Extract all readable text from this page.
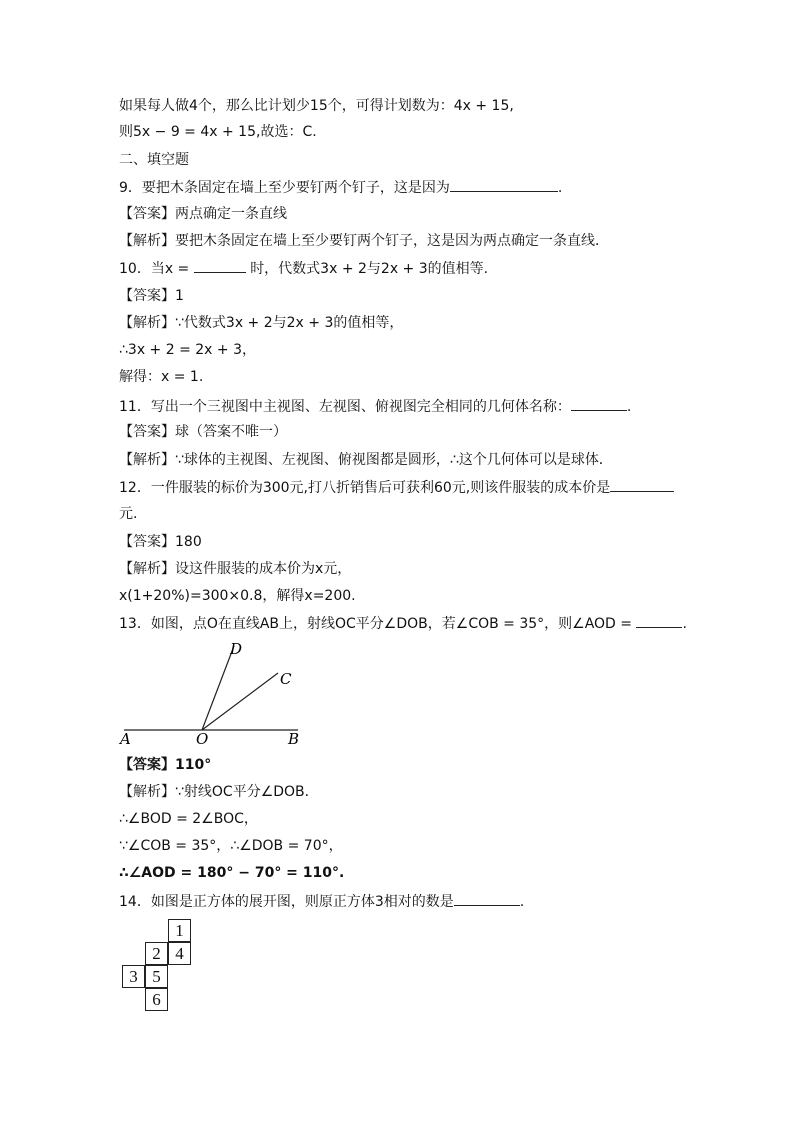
如果每人做4个，那么比计划少15个，可得计划数为：4x + 15,
则5x − 9 = 4x + 15,故选：C.
二、填空题
9．要把木条固定在墙上至少要钉两个钉子，这是因为	.
【答案】两点确定一条直线
【解析】要把木条固定在墙上至少要钉两个钉子，这是因为两点确定一条直线．
10．当x =	时，代数式3x + 2与2x + 3的值相等.
【答案】1
【解析】∵代数式3x + 2与2x + 3的值相等，
∴3x + 2 = 2x + 3，
解得：x = 1.
11．写出一个三视图中主视图、左视图、俯视图完全相同的几何体名称：	.
【答案】球（答案不唯一）
【解析】∵球体的主视图、左视图、俯视图都是圆形，∴这个几何体可以是球体．
12．一件服装的标价为300元,打八折销售后可获利60元,则该件服装的成本价是
元.
【答案】180
【解析】设这件服装的成本价为x元，
x(1+20%)=300×0.8，解得x=200.
13．如图，点O在直线AB上，射线OC平分∠DOB，若∠COB = 35°，则∠AOD =	.
A	O	B
C
D
【答案】110°
【解析】∵射线OC平分∠DOB．
∴∠BOD = 2∠BOC，
∵∠COB = 35°，∴∠DOB = 70°，
∴∠AOD = 180° − 70° = 110°.
14．如图是正方体的展开图，则原正方体3相对的数是	.
1
2 4
3 5
6
